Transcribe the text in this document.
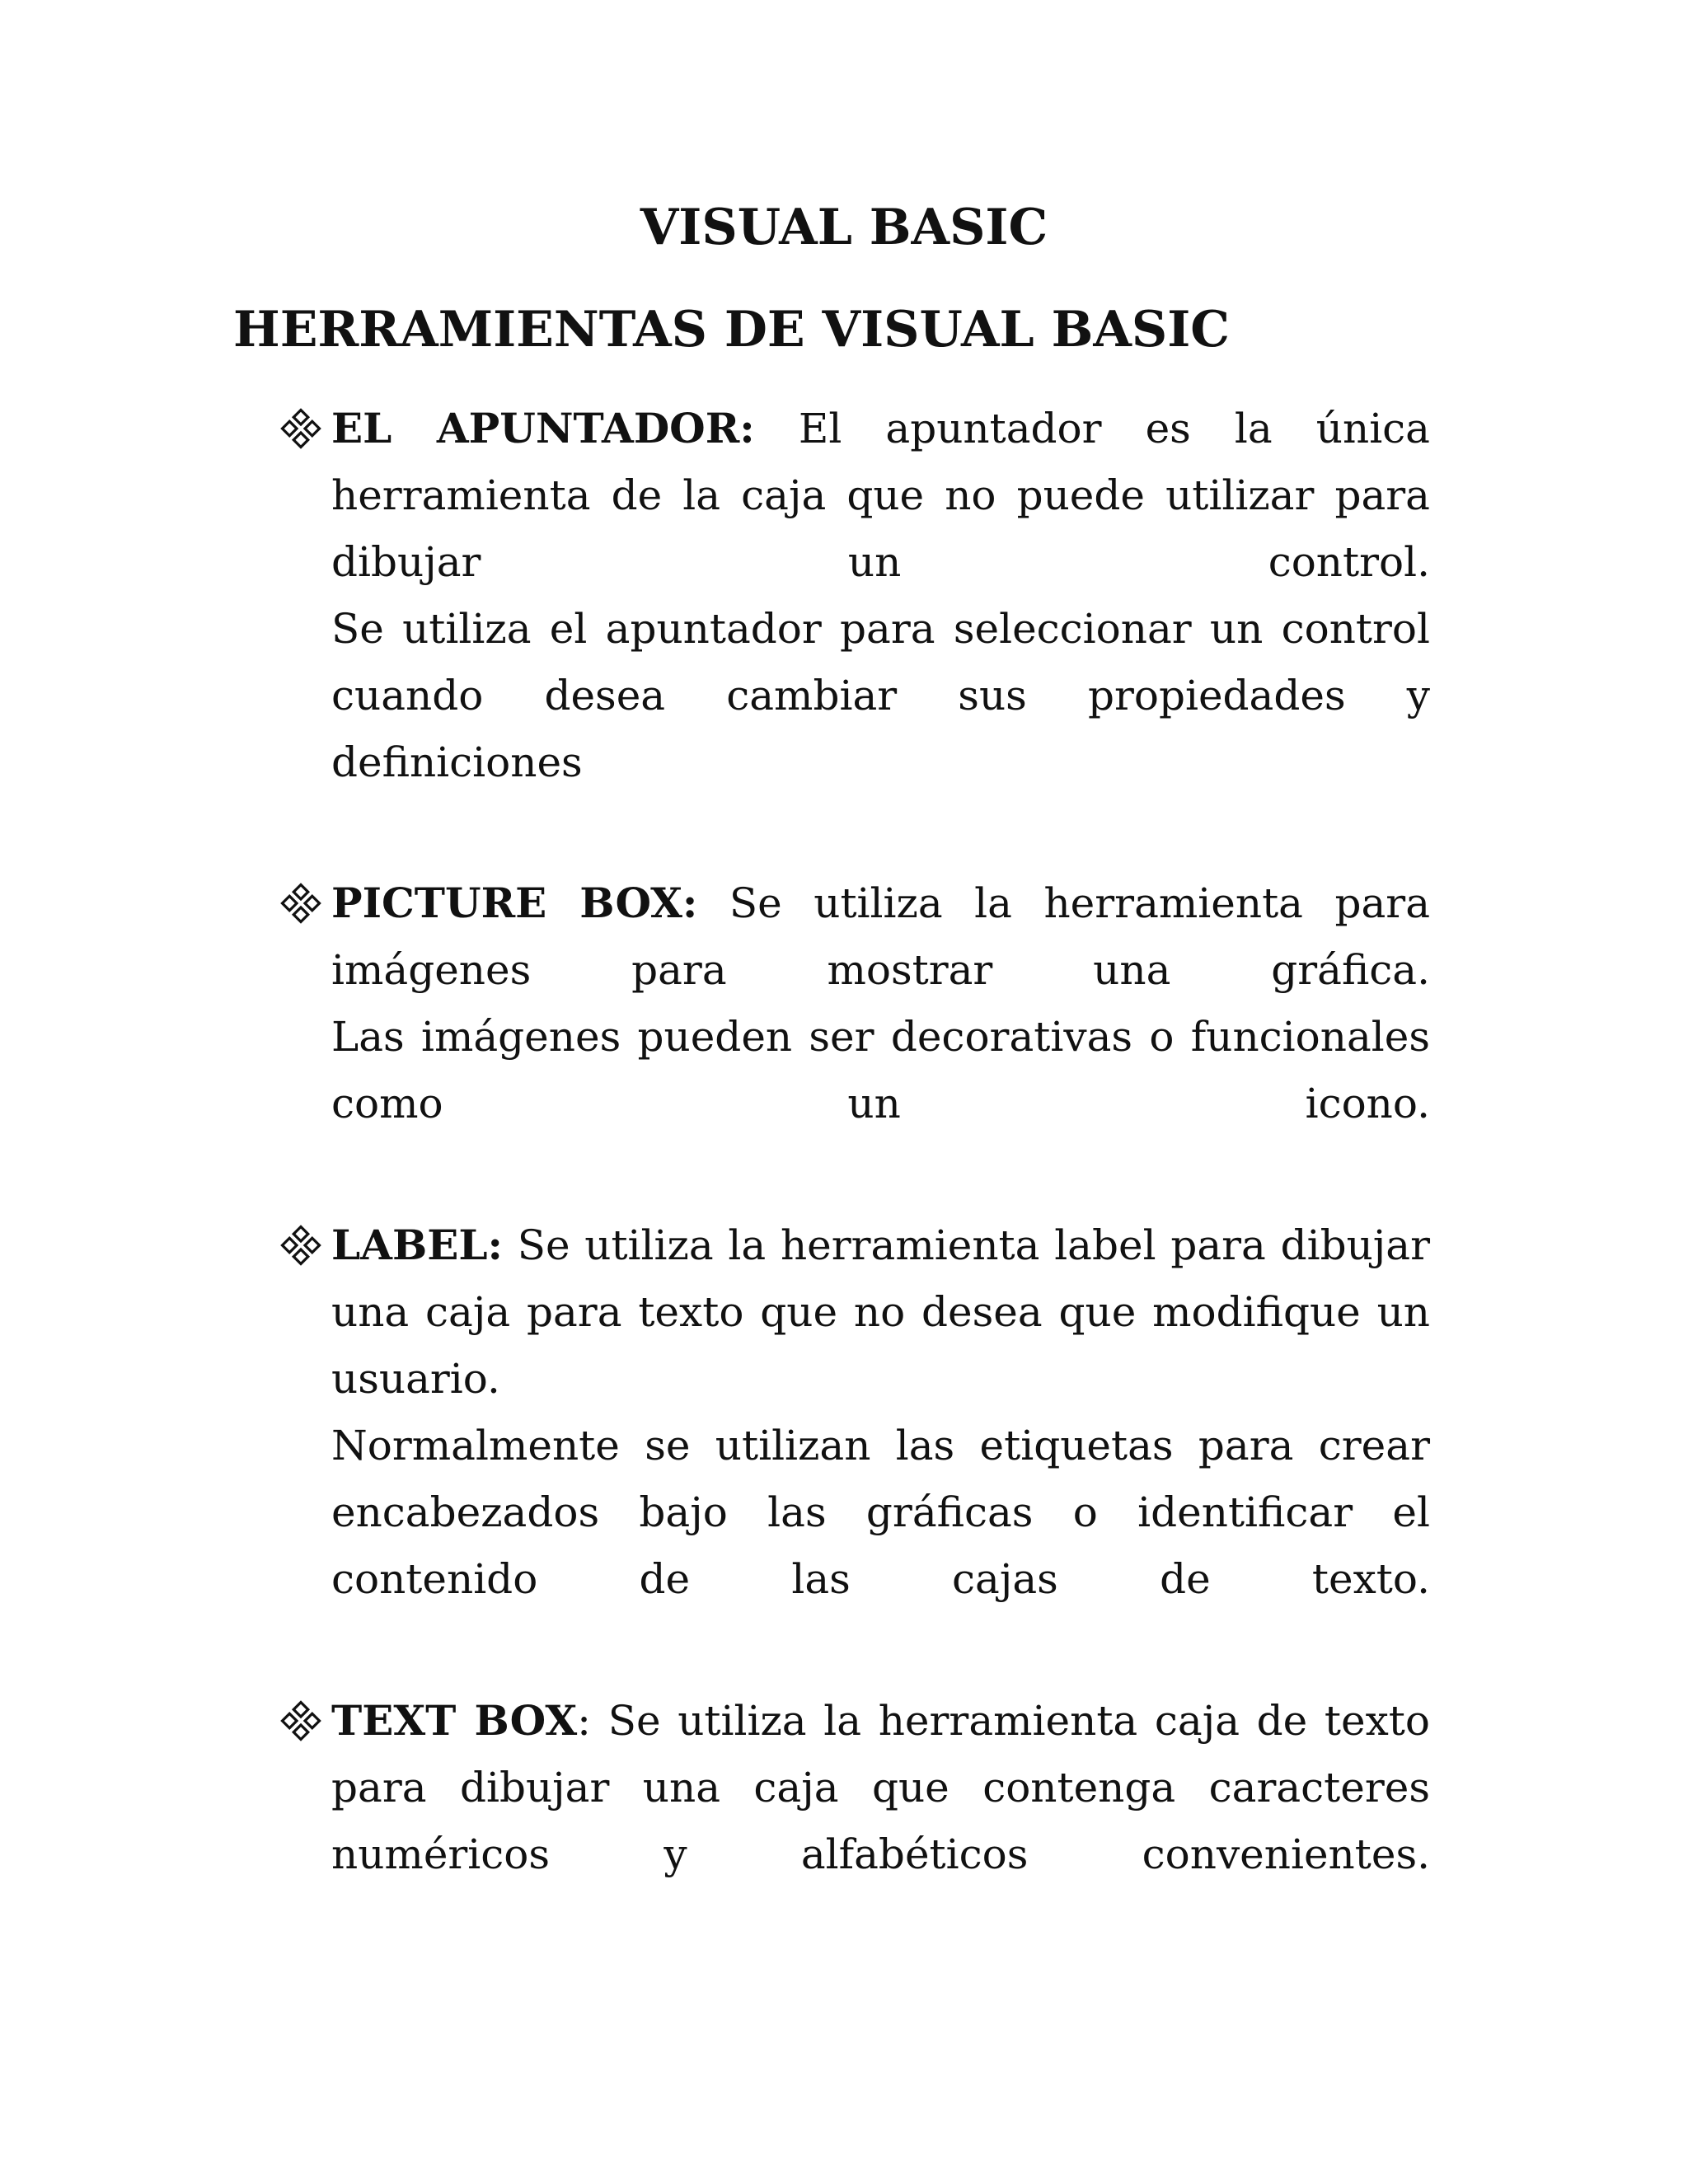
VISUAL BASIC
HERRAMIENTAS DE VISUAL BASIC

EL APUNTADOR: El apuntador es la única herramienta de la caja que no puede utilizar para dibujar un control.

Se utiliza el apuntador para seleccionar un control cuando desea cambiar sus propiedades y definiciones

PICTURE BOX: Se utiliza la herramienta para imágenes para mostrar una gráfica.

Las imágenes pueden ser decorativas o funcionales como un icono.

LABEL: Se utiliza la herramienta label para dibujar una caja para texto que no desea que modifique un usuario.

Normalmente se utilizan las etiquetas para crear encabezados bajo las gráficas o identificar el contenido de las cajas de texto.

TEXT BOX: Se utiliza la herramienta caja de texto para dibujar una caja que contenga caracteres numéricos y alfabéticos convenientes.
